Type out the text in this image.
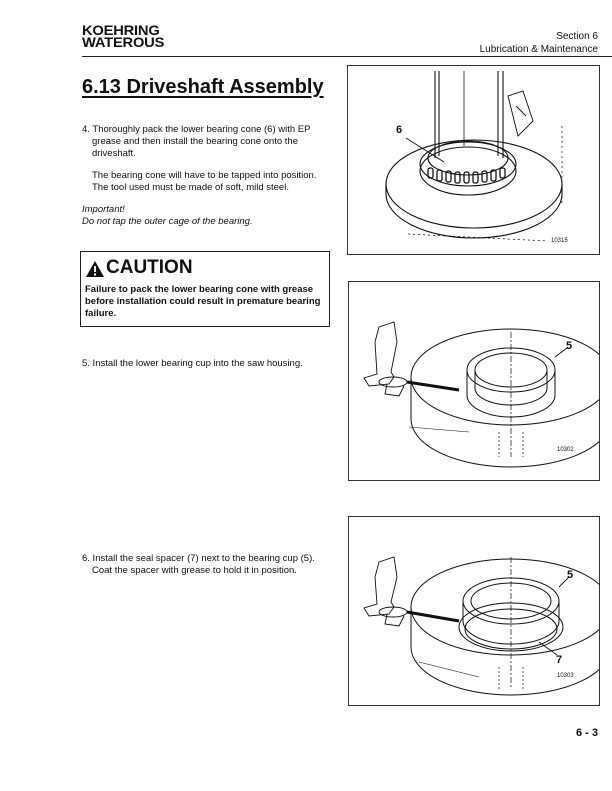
KOEHRING
WATEROUS	Section 6
Lubrication & Maintenance
6.13 Driveshaft Assembly
4. Thoroughly pack the lower bearing cone (6) with EP grease and then install the bearing cone onto the driveshaft.
The bearing cone will have to be tapped into position. The tool used must be made of soft, mild steel.
Important!
Do not tap the outer cage of the bearing.
CAUTION
Failure to pack the lower bearing cone with grease before installation could result in premature bearing failure.
5. Install the lower bearing cup into the saw housing.
6. Install the seal spacer (7) next to the bearing cup (5). Coat the spacer with grease to hold it in position.
6
10315
5
10302
5
7
10303
6 - 3
